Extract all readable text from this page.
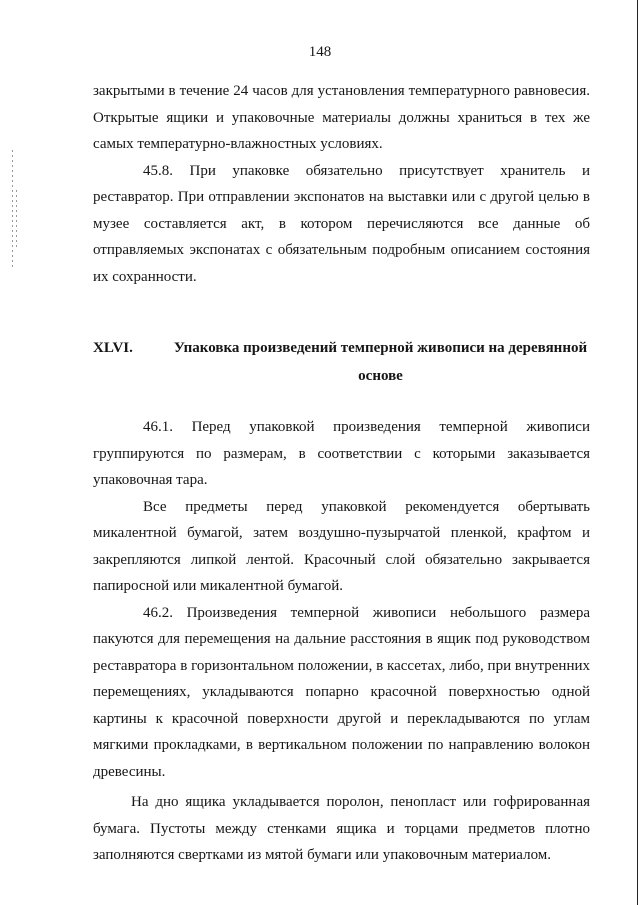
148

закрытыми в течение 24 часов для установления температурного равновесия. Открытые ящики и упаковочные материалы должны храниться в тех же самых температурно-влажностных условиях.

45.8. При упаковке обязательно присутствует хранитель и реставратор. При отправлении экспонатов на выставки или с другой целью в музее составляется акт, в котором перечисляются все данные об отправляемых экспонатах с обязательным подробным описанием состояния их сохранности.

XLVI.	Упаковка произведений темперной живописи на деревянной основе

46.1. Перед упаковкой произведения темперной живописи группируются по размерам, в соответствии с которыми заказывается упаковочная тара.

Все предметы перед упаковкой рекомендуется обертывать микалентной бумагой, затем воздушно-пузырчатой пленкой, крафтом и закрепляются липкой лентой. Красочный слой обязательно закрывается папиросной или микалентной бумагой.

46.2. Произведения темперной живописи небольшого размера пакуются для перемещения на дальние расстояния в ящик под руководством реставратора в горизонтальном положении, в кассетах, либо, при внутренних перемещениях, укладываются попарно красочной поверхностью одной картины к красочной поверхности другой и перекладываются по углам мягкими прокладками, в вертикальном положении по направлению волокон древесины.

На дно ящика укладывается поролон, пенопласт или гофрированная бумага. Пустоты между стенками ящика и торцами предметов плотно заполняются свертками из мятой бумаги или упаковочным материалом.
